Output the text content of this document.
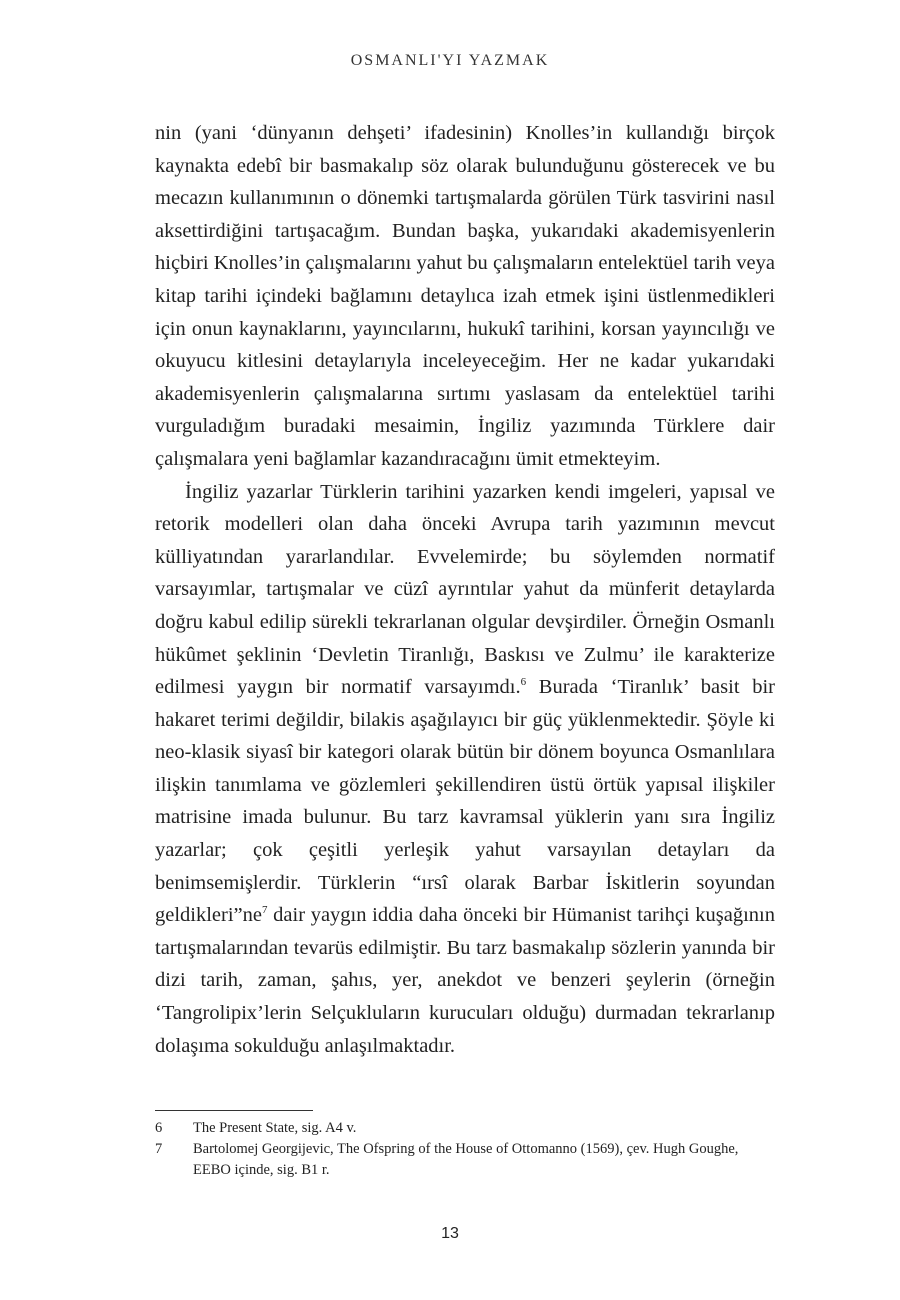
OSMANLI'YI YAZMAK

nin (yani ‘dünyanın dehşeti’ ifadesinin) Knolles’in kullandığı birçok kaynakta edebî bir basmakalıp söz olarak bulunduğunu gösterecek ve bu mecazın kullanımının o dönemki tartışmalarda görülen Türk tasvirini nasıl aksettirdiğini tartışacağım. Bundan başka, yukarıdaki akademisyenlerin hiçbiri Knolles’in çalışmalarını yahut bu çalışmaların entelektüel tarih veya kitap tarihi içindeki bağlamını detaylıca izah etmek işini üstlenmedikleri için onun kaynaklarını, yayıncılarını, hukukî tarihini, korsan yayıncılığı ve okuyucu kitlesini detaylarıyla inceleyeceğim. Her ne kadar yukarıdaki akademisyenlerin çalışmalarına sırtımı yaslasam da entelektüel tarihi vurguladığım buradaki mesaimin, İngiliz yazımında Türklere dair çalışmalara yeni bağlamlar kazandıracağını ümit etmekteyim.

İngiliz yazarlar Türklerin tarihini yazarken kendi imgeleri, yapısal ve retorik modelleri olan daha önceki Avrupa tarih yazımının mevcut külliyatından yararlandılar. Evvelemirde; bu söylemden normatif varsayımlar, tartışmalar ve cüzî ayrıntılar yahut da münferit detaylarda doğru kabul edilip sürekli tekrarlanan olgular devşirdiler. Örneğin Osmanlı hükûmet şeklinin ‘Devletin Tiranlığı, Baskısı ve Zulmu’ ile karakterize edilmesi yaygın bir normatif varsayımdı.$^6$ Burada ‘Tiranlık’ basit bir hakaret terimi değildir, bilakis aşağılayıcı bir güç yüklenmektedir. Şöyle ki neo-klasik siyasî bir kategori olarak bütün bir dönem boyunca Osmanlılara ilişkin tanımlama ve gözlemleri şekillendiren üstü örtük yapısal ilişkiler matrisine imada bulunur. Bu tarz kavramsal yüklerin yanı sıra İngiliz yazarlar; çok çeşitli yerleşik yahut varsayılan detayları da benimsemişlerdir. Türklerin “ırsî olarak Barbar İskitlerin soyundan geldikleri”ne$^7$ dair yaygın iddia daha önceki bir Hümanist tarihçi kuşağının tartışmalarından tevarüs edilmiştir. Bu tarz basmakalıp sözlerin yanında bir dizi tarih, zaman, şahıs, yer, anekdot ve benzeri şeylerin (örneğin ‘Tangrolipix’lerin Selçukluların kurucuları olduğu) durmadan tekrarlanıp dolaşıma sokulduğu anlaşılmaktadır.

6	The Present State, sig. A4 v.
7	Bartolomej Georgijevic, The Ofspring of the House of Ottomanno (1569), çev. Hugh Goughe, EEBO içinde, sig. B1 r.
13
